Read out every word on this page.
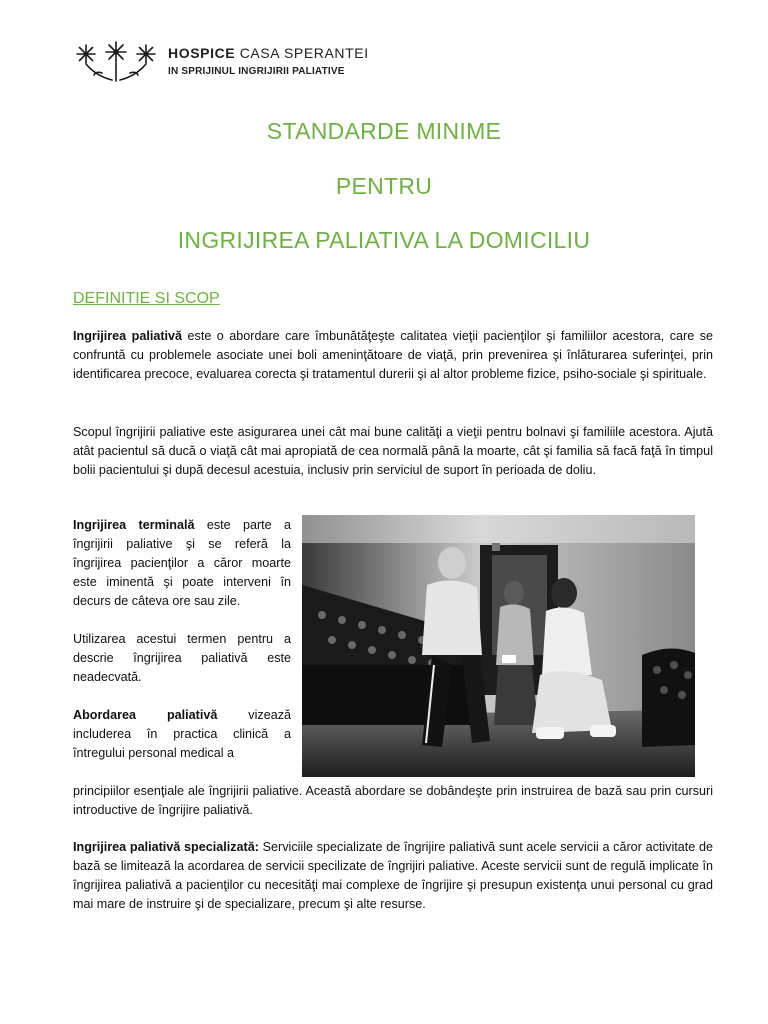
HOSPICE CASA SPERANTEI
IN SPRIJINUL INGRIJIRII PALIATIVE
STANDARDE MINIME
PENTRU
INGRIJIREA PALIATIVA LA DOMICILIU
DEFINITIE SI SCOP
Ingrijirea paliativă este o abordare care îmbunătăţeşte calitatea vieţii pacienţilor şi familiilor acestora, care se confruntă cu problemele asociate unei boli ameninţătoare de viaţă, prin prevenirea şi înlăturarea suferinţei, prin identificarea precoce, evaluarea corecta şi tratamentul durerii şi al altor probleme fizice, psiho-sociale şi spirituale.
Scopul îngrijirii paliative este asigurarea unei cât mai bune calităţi a vieţii pentru bolnavi şi familiile acestora. Ajută atât pacientul să ducă o viaţă cât mai apropiată de cea normală până la moarte, cât şi familia să facă faţă în timpul bolii pacientului şi după decesul acestuia, inclusiv prin serviciul de suport în perioada de doliu.

Ingrijirea terminală este parte a îngrijirii paliative şi se referă la îngrijirea pacienţilor a căror moarte este iminentă şi poate interveni în decurs de câteva ore sau zile.

Utilizarea acestui termen pentru a descrie îngrijirea paliativă este neadecvată.

Abordarea paliativă vizează includerea în practica clinică a întregului personal medical a

principiilor esenţiale ale îngrijirii paliative. Această abordare se dobândeşte prin instruirea de bază sau prin cursuri introductive de îngrijire paliativă.
Ingrijirea paliativă specializată: Serviciile specializate de îngrijire paliativă sunt acele servicii a căror activitate de bază se limitează la acordarea de servicii specilizate de îngrijiri paliative. Aceste servicii sunt de regulă implicate în îngrijirea paliativă a pacienţilor cu necesităţi mai complexe de îngrijire şi presupun existenţa unui personal cu grad mai mare de instruire şi de specializare, precum şi alte resurse.
